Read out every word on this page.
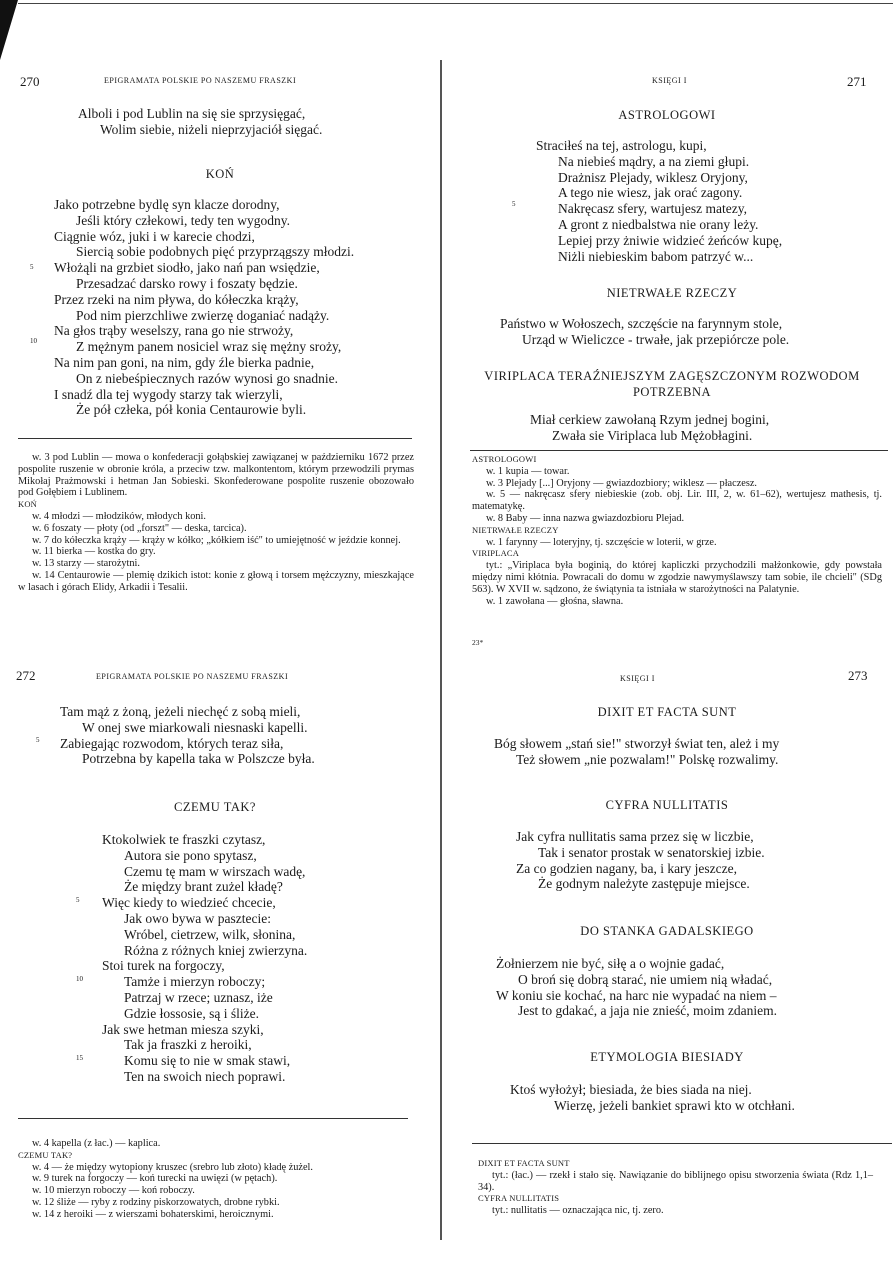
270	EPIGRAMATA POLSKIE PO NASZEMU FRASZKI
Alboli i pod Lublin na się sie sprzysięgać,
Wolim siebie, niżeli nieprzyjaciół sięgać.
KOŃ
Jako potrzebne bydlę syn klacze dorodny,
Jeśli który człekowi, tedy ten wygodny.
Ciągnie wóz, juki i w karecie chodzi,
Siercią sobie podobnych pięć przyprzągszy młodzi.
Włożąli na grzbiet siodło, jako nań pan wsiędzie,
Przesadzać darsko rowy i foszaty będzie.
Przez rzeki na nim pływa, do kółeczka krąży,
Pod nim pierzchliwe zwierzę doganiać nadąży.
Na głos trąby weselszy, rana go nie strwoży,
Z mężnym panem nosiciel wraz się mężny sroży,
Na nim pan goni, na nim, gdy źle bierka padnie,
On z niebeśpiecznych razów wynosi go snadnie.
I snadź dla tej wygody starzy tak wierzyli,
Że pół człeka, pół konia Centaurowie byli.
5
10
w. 3 pod Lublin — mowa o konfederacji gołąbskiej zawiązanej w październiku 1672 przez pospolite ruszenie w obronie króla, a przeciw tzw. malkontentom, którym przewodzili prymas Mikołaj Prażmowski i hetman Jan Sobieski. Skonfederowane pospolite ruszenie obozowało pod Gołębiem i Lublinem.
KOŃ
w. 4 młodzi — młodzików, młodych koni.
w. 6 foszaty — płoty (od „forszt" — deska, tarcica).
w. 7 do kółeczka krąży — krąży w kółko; „kółkiem iść" to umiejętność w jeździe konnej.
w. 11 bierka — kostka do gry.
w. 13 starzy — starożytni.
w. 14 Centaurowie — plemię dzikich istot: konie z głową i torsem mężczyzny, mieszkające w lasach i górach Elidy, Arkadii i Tesalii.
KSIĘGI I	271
ASTROLOGOWI
Straciłeś na tej, astrologu, kupi,
Na niebieś mądry, a na ziemi głupi.
Drażnisz Plejady, wiklesz Oryjony,
A tego nie wiesz, jak orać zagony.
Nakręcasz sfery, wartujesz matezy,
A gront z niedbalstwa nie orany leży.
Lepiej przy żniwie widzieć żeńców kupę,
Niżli niebieskim babom patrzyć w...
5
NIETRWAŁE RZECZY
Państwo w Wołoszech, szczęście na farynnym stole,
Urząd w Wieliczce - trwałe, jak przepiórcze pole.
VIRIPLACA TERAŹNIEJSZYM ZAGĘSZCZONYM ROZWODOM
POTRZEBNA
Miał cerkiew zawołaną Rzym jednej bogini,
Zwała sie Viriplaca lub Mężobłagini.
ASTROLOGOWI
w. 1 kupia — towar.
w. 3 Plejady [...] Oryjony — gwiazdozbiory; wiklesz — płaczesz.
w. 5 — nakręcasz sfery niebieskie (zob. obj. Lir. III, 2, w. 61–62), wertujesz mathesis, tj. matematykę.
w. 8 Baby — inna nazwa gwiazdozbioru Plejad.
NIETRWAŁE RZECZY
w. 1 farynny — loteryjny, tj. szczęście w loterii, w grze.
VIRIPLACA
tyt.: „Viriplaca była boginią, do której kapliczki przychodzili małżonkowie, gdy powstała między nimi kłótnia. Powracali do domu w zgodzie nawymyślawszy tam sobie, ile chcieli" (SDg 563). W XVII w. sądzono, że świątynia ta istniała w starożytności na Palatynie.
w. 1 zawołana — głośna, sławna.
23*
272	EPIGRAMATA POLSKIE PO NASZEMU FRASZKI
Tam mąż z żoną, jeżeli niechęć z sobą mieli,
W onej swe miarkowali niesnaski kapelli.
Zabiegając rozwodom, których teraz siła,
Potrzebna by kapella taka w Polszcze była.
5
CZEMU TAK?
Ktokolwiek te fraszki czytasz,
Autora sie pono spytasz,
Czemu tę mam w wirszach wadę,
Że między brant zużel kładę?
Więc kiedy to wiedzieć chcecie,
Jak owo bywa w pasztecie:
Wróbel, cietrzew, wilk, słonina,
Różna z różnych kniej zwierzyna.
Stoi turek na forgoczy,
Tamże i mierzyn roboczy;
Patrzaj w rzece; uznasz, iże
Gdzie łossosie, są i śliże.
Jak swe hetman miesza szyki,
Tak ja fraszki z heroiki,
Komu się to nie w smak stawi,
Ten na swoich niech poprawi.
5
10
15
w. 4 kapella (z łac.) — kaplica.
CZEMU TAK?
w. 4 — że między wytopiony kruszec (srebro lub złoto) kładę żużel.
w. 9 turek na forgoczy — koń turecki na uwięzi (w pętach).
w. 10 mierzyn roboczy — koń roboczy.
w. 12 śliże — ryby z rodziny piskorzowatych, drobne rybki.
w. 14 z heroiki — z wierszami bohaterskimi, heroicznymi.
KSIĘGI I	273
DIXIT ET FACTA SUNT
Bóg słowem „stań sie!" stworzył świat ten, ależ i my
Też słowem „nie pozwalam!" Polskę rozwalimy.
CYFRA NULLITATIS
Jak cyfra nullitatis sama przez się w liczbie,
Tak i senator prostak w senatorskiej izbie.
Za co godzien nagany, ba, i kary jeszcze,
Że godnym należyte zastępuje miejsce.
DO STANKA GADALSKIEGO
Żołnierzem nie być, siłę a o wojnie gadać,
O broń się dobrą starać, nie umiem nią władać,
W koniu sie kochać, na harc nie wypadać na niem –
Jest to gdakać, a jaja nie znieść, moim zdaniem.
ETYMOLOGIA BIESIADY
Ktoś wyłożył; biesiada, że bies siada na niej.
Wierzę, jeżeli bankiet sprawi kto w otchłani.
DIXIT ET FACTA SUNT
tyt.: (łac.) — rzekł i stało się. Nawiązanie do biblijnego opisu stworzenia świata (Rdz 1,1–34).
CYFRA NULLITATIS
tyt.: nullitatis — oznaczająca nic, tj. zero.
